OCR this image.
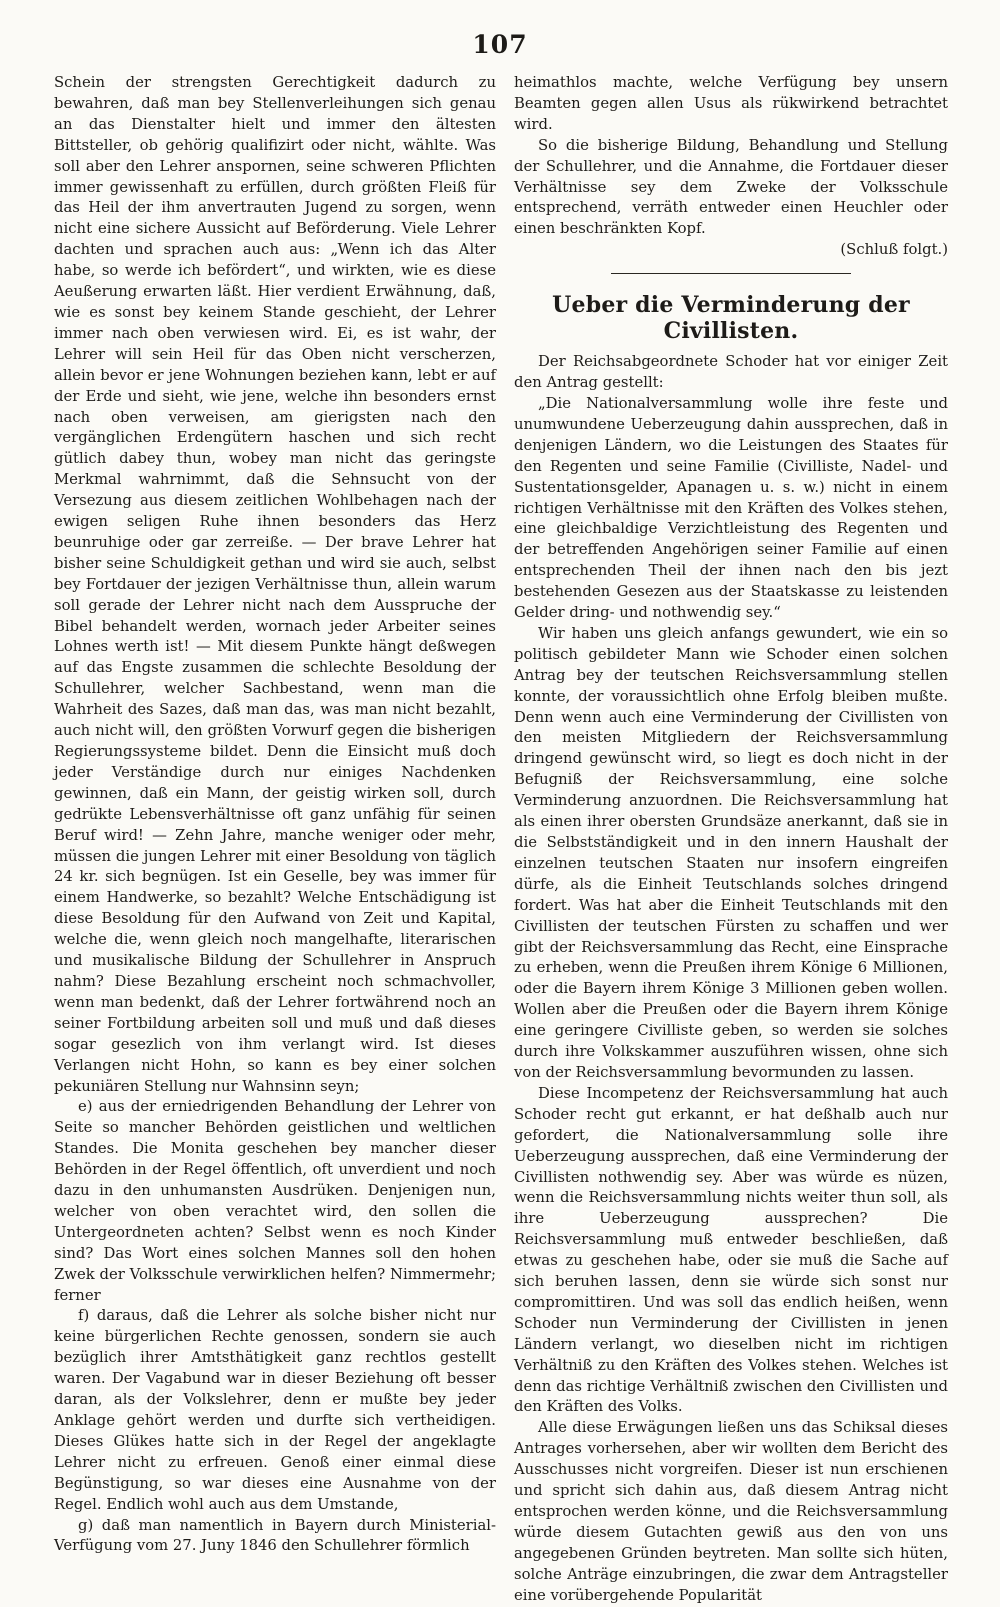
107

Schein der strengsten Gerechtigkeit dadurch zu bewahren, daß man bey Stellenverleihungen sich genau an das Dienstalter hielt und immer den ältesten Bittsteller, ob gehörig qualifizirt oder nicht, wählte. Was soll aber den Lehrer anspornen, seine schweren Pflichten immer gewissenhaft zu erfüllen, durch größten Fleiß für das Heil der ihm anvertrauten Jugend zu sorgen, wenn nicht eine sichere Aussicht auf Beförderung. Viele Lehrer dachten und sprachen auch aus: „Wenn ich das Alter habe, so werde ich befördert“, und wirkten, wie es diese Aeußerung erwarten läßt. Hier verdient Erwähnung, daß, wie es sonst bey keinem Stande geschieht, der Lehrer immer nach oben verwiesen wird. Ei, es ist wahr, der Lehrer will sein Heil für das Oben nicht verscherzen, allein bevor er jene Wohnungen beziehen kann, lebt er auf der Erde und sieht, wie jene, welche ihn besonders ernst nach oben verweisen, am gierigsten nach den vergänglichen Erdengütern haschen und sich recht gütlich dabey thun, wobey man nicht das geringste Merkmal wahrnimmt, daß die Sehnsucht von der Versezung aus diesem zeitlichen Wohlbehagen nach der ewigen seligen Ruhe ihnen besonders das Herz beunruhige oder gar zerreiße. — Der brave Lehrer hat bisher seine Schuldigkeit gethan und wird sie auch, selbst bey Fortdauer der jezigen Verhältnisse thun, allein warum soll gerade der Lehrer nicht nach dem Ausspruche der Bibel behandelt werden, wornach jeder Arbeiter seines Lohnes werth ist! — Mit diesem Punkte hängt deßwegen auf das Engste zusammen die schlechte Besoldung der Schullehrer, welcher Sachbestand, wenn man die Wahrheit des Sazes, daß man das, was man nicht bezahlt, auch nicht will, den größten Vorwurf gegen die bisherigen Regierungssysteme bildet. Denn die Einsicht muß doch jeder Verständige durch nur einiges Nachdenken gewinnen, daß ein Mann, der geistig wirken soll, durch gedrükte Lebensverhältnisse oft ganz unfähig für seinen Beruf wird! — Zehn Jahre, manche weniger oder mehr, müssen die jungen Lehrer mit einer Besoldung von täglich 24 kr. sich begnügen. Ist ein Geselle, bey was immer für einem Handwerke, so bezahlt? Welche Entschädigung ist diese Besoldung für den Aufwand von Zeit und Kapital, welche die, wenn gleich noch mangelhafte, literarischen und musikalische Bildung der Schullehrer in Anspruch nahm? Diese Bezahlung erscheint noch schmachvoller, wenn man bedenkt, daß der Lehrer fortwährend noch an seiner Fortbildung arbeiten soll und muß und daß dieses sogar gesezlich von ihm verlangt wird. Ist dieses Verlangen nicht Hohn, so kann es bey einer solchen pekuniären Stellung nur Wahnsinn seyn;

e) aus der erniedrigenden Behandlung der Lehrer von Seite so mancher Behörden geistlichen und weltlichen Standes. Die Monita geschehen bey mancher dieser Behörden in der Regel öffentlich, oft unverdient und noch dazu in den unhumansten Ausdrüken. Denjenigen nun, welcher von oben verachtet wird, den sollen die Untergeordneten achten? Selbst wenn es noch Kinder sind? Das Wort eines solchen Mannes soll den hohen Zwek der Volksschule verwirklichen helfen? Nimmermehr; ferner

f) daraus, daß die Lehrer als solche bisher nicht nur keine bürgerlichen Rechte genossen, sondern sie auch bezüglich ihrer Amtsthätigkeit ganz rechtlos gestellt waren. Der Vagabund war in dieser Beziehung oft besser daran, als der Volkslehrer, denn er mußte bey jeder Anklage gehört werden und durfte sich vertheidigen. Dieses Glükes hatte sich in der Regel der angeklagte Lehrer nicht zu erfreuen. Genoß einer einmal diese Begünstigung, so war dieses eine Ausnahme von der Regel. Endlich wohl auch aus dem Umstande,

g) daß man namentlich in Bayern durch Ministerial-Verfügung vom 27. Juny 1846 den Schullehrer förmlich

heimathlos machte, welche Verfügung bey unsern Beamten gegen allen Usus als rükwirkend betrachtet wird.

So die bisherige Bildung, Behandlung und Stellung der Schullehrer, und die Annahme, die Fortdauer dieser Verhältnisse sey dem Zweke der Volksschule entsprechend, verräth entweder einen Heuchler oder einen beschränkten Kopf.

(Schluß folgt.)

Ueber die Verminderung der Civillisten.

Der Reichsabgeordnete Schoder hat vor einiger Zeit den Antrag gestellt:

„Die Nationalversammlung wolle ihre feste und unumwundene Ueberzeugung dahin aussprechen, daß in denjenigen Ländern, wo die Leistungen des Staates für den Regenten und seine Familie (Civilliste, Nadel- und Sustentationsgelder, Apanagen u. s. w.) nicht in einem richtigen Verhältnisse mit den Kräften des Volkes stehen, eine gleichbaldige Verzichtleistung des Regenten und der betreffenden Angehörigen seiner Familie auf einen entsprechenden Theil der ihnen nach den bis jezt bestehenden Gesezen aus der Staatskasse zu leistenden Gelder dring- und nothwendig sey.“

Wir haben uns gleich anfangs gewundert, wie ein so politisch gebildeter Mann wie Schoder einen solchen Antrag bey der teutschen Reichsversammlung stellen konnte, der voraussichtlich ohne Erfolg bleiben mußte. Denn wenn auch eine Verminderung der Civillisten von den meisten Mitgliedern der Reichsversammlung dringend gewünscht wird, so liegt es doch nicht in der Befugniß der Reichsversammlung, eine solche Verminderung anzuordnen. Die Reichsversammlung hat als einen ihrer obersten Grundsäze anerkannt, daß sie in die Selbstständigkeit und in den innern Haushalt der einzelnen teutschen Staaten nur insofern eingreifen dürfe, als die Einheit Teutschlands solches dringend fordert. Was hat aber die Einheit Teutschlands mit den Civillisten der teutschen Fürsten zu schaffen und wer gibt der Reichsversammlung das Recht, eine Einsprache zu erheben, wenn die Preußen ihrem Könige 6 Millionen, oder die Bayern ihrem Könige 3 Millionen geben wollen. Wollen aber die Preußen oder die Bayern ihrem Könige eine geringere Civilliste geben, so werden sie solches durch ihre Volkskammer auszuführen wissen, ohne sich von der Reichsversammlung bevormunden zu lassen.

Diese Incompetenz der Reichsversammlung hat auch Schoder recht gut erkannt, er hat deßhalb auch nur gefordert, die Nationalversammlung solle ihre Ueberzeugung aussprechen, daß eine Verminderung der Civillisten nothwendig sey. Aber was würde es nüzen, wenn die Reichsversammlung nichts weiter thun soll, als ihre Ueberzeugung aussprechen? Die Reichsversammlung muß entweder beschließen, daß etwas zu geschehen habe, oder sie muß die Sache auf sich beruhen lassen, denn sie würde sich sonst nur compromittiren. Und was soll das endlich heißen, wenn Schoder nun Verminderung der Civillisten in jenen Ländern verlangt, wo dieselben nicht im richtigen Verhältniß zu den Kräften des Volkes stehen. Welches ist denn das richtige Verhältniß zwischen den Civillisten und den Kräften des Volks.

Alle diese Erwägungen ließen uns das Schiksal dieses Antrages vorhersehen, aber wir wollten dem Bericht des Ausschusses nicht vorgreifen. Dieser ist nun erschienen und spricht sich dahin aus, daß diesem Antrag nicht entsprochen werden könne, und die Reichsversammlung würde diesem Gutachten gewiß aus den von uns angegebenen Gründen beytreten. Man sollte sich hüten, solche Anträge einzubringen, die zwar dem Antragsteller eine vorübergehende Popularität
